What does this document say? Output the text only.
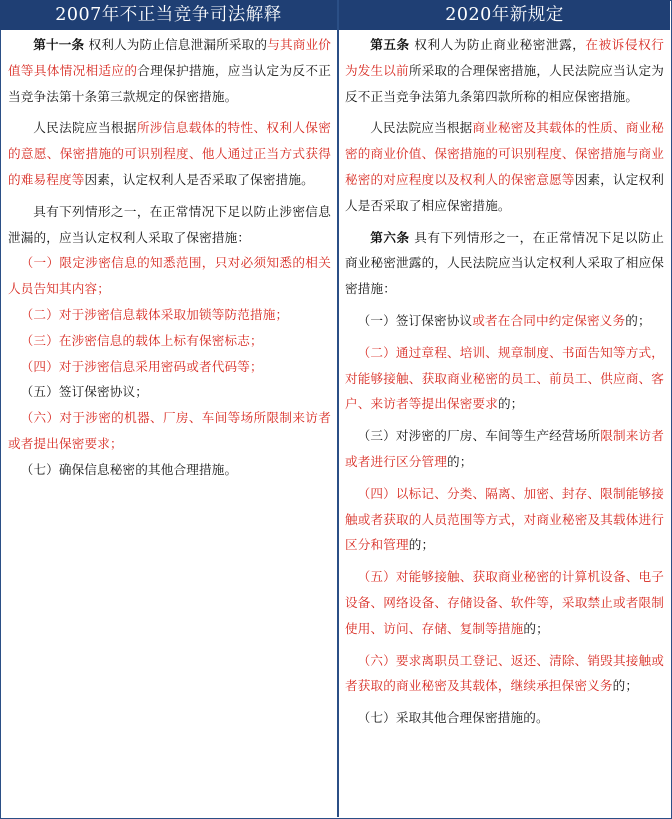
2007年不正当竞争司法解释	2020年新规定

第十一条 权利人为防止信息泄漏所采取的与其商业价值等具体情况相适应的合理保护措施，应当认定为反不正当竞争法第十条第三款规定的保密措施。

人民法院应当根据所涉信息载体的特性、权利人保密的意愿、保密措施的可识别程度、他人通过正当方式获得的难易程度等因素，认定权利人是否采取了保密措施。

具有下列情形之一，在正常情况下足以防止涉密信息泄漏的，应当认定权利人采取了保密措施：

（一）限定涉密信息的知悉范围，只对必须知悉的相关人员告知其内容；

（二）对于涉密信息载体采取加锁等防范措施；

（三）在涉密信息的载体上标有保密标志；

（四）对于涉密信息采用密码或者代码等；

（五）签订保密协议；

（六）对于涉密的机器、厂房、车间等场所限制来访者或者提出保密要求；

（七）确保信息秘密的其他合理措施。

第五条 权利人为防止商业秘密泄露，在被诉侵权行为发生以前所采取的合理保密措施，人民法院应当认定为反不正当竞争法第九条第四款所称的相应保密措施。

人民法院应当根据商业秘密及其载体的性质、商业秘密的商业价值、保密措施的可识别程度、保密措施与商业秘密的对应程度以及权利人的保密意愿等因素，认定权利人是否采取了相应保密措施。

第六条 具有下列情形之一，在正常情况下足以防止商业秘密泄露的，人民法院应当认定权利人采取了相应保密措施：

（一）签订保密协议或者在合同中约定保密义务的；

（二）通过章程、培训、规章制度、书面告知等方式，对能够接触、获取商业秘密的员工、前员工、供应商、客户、来访者等提出保密要求的；

（三）对涉密的厂房、车间等生产经营场所限制来访者或者进行区分管理的；

（四）以标记、分类、隔离、加密、封存、限制能够接触或者获取的人员范围等方式，对商业秘密及其载体进行区分和管理的；

（五）对能够接触、获取商业秘密的计算机设备、电子设备、网络设备、存储设备、软件等，采取禁止或者限制使用、访问、存储、复制等措施的；

（六）要求离职员工登记、返还、清除、销毁其接触或者获取的商业秘密及其载体，继续承担保密义务的；

（七）采取其他合理保密措施的。
